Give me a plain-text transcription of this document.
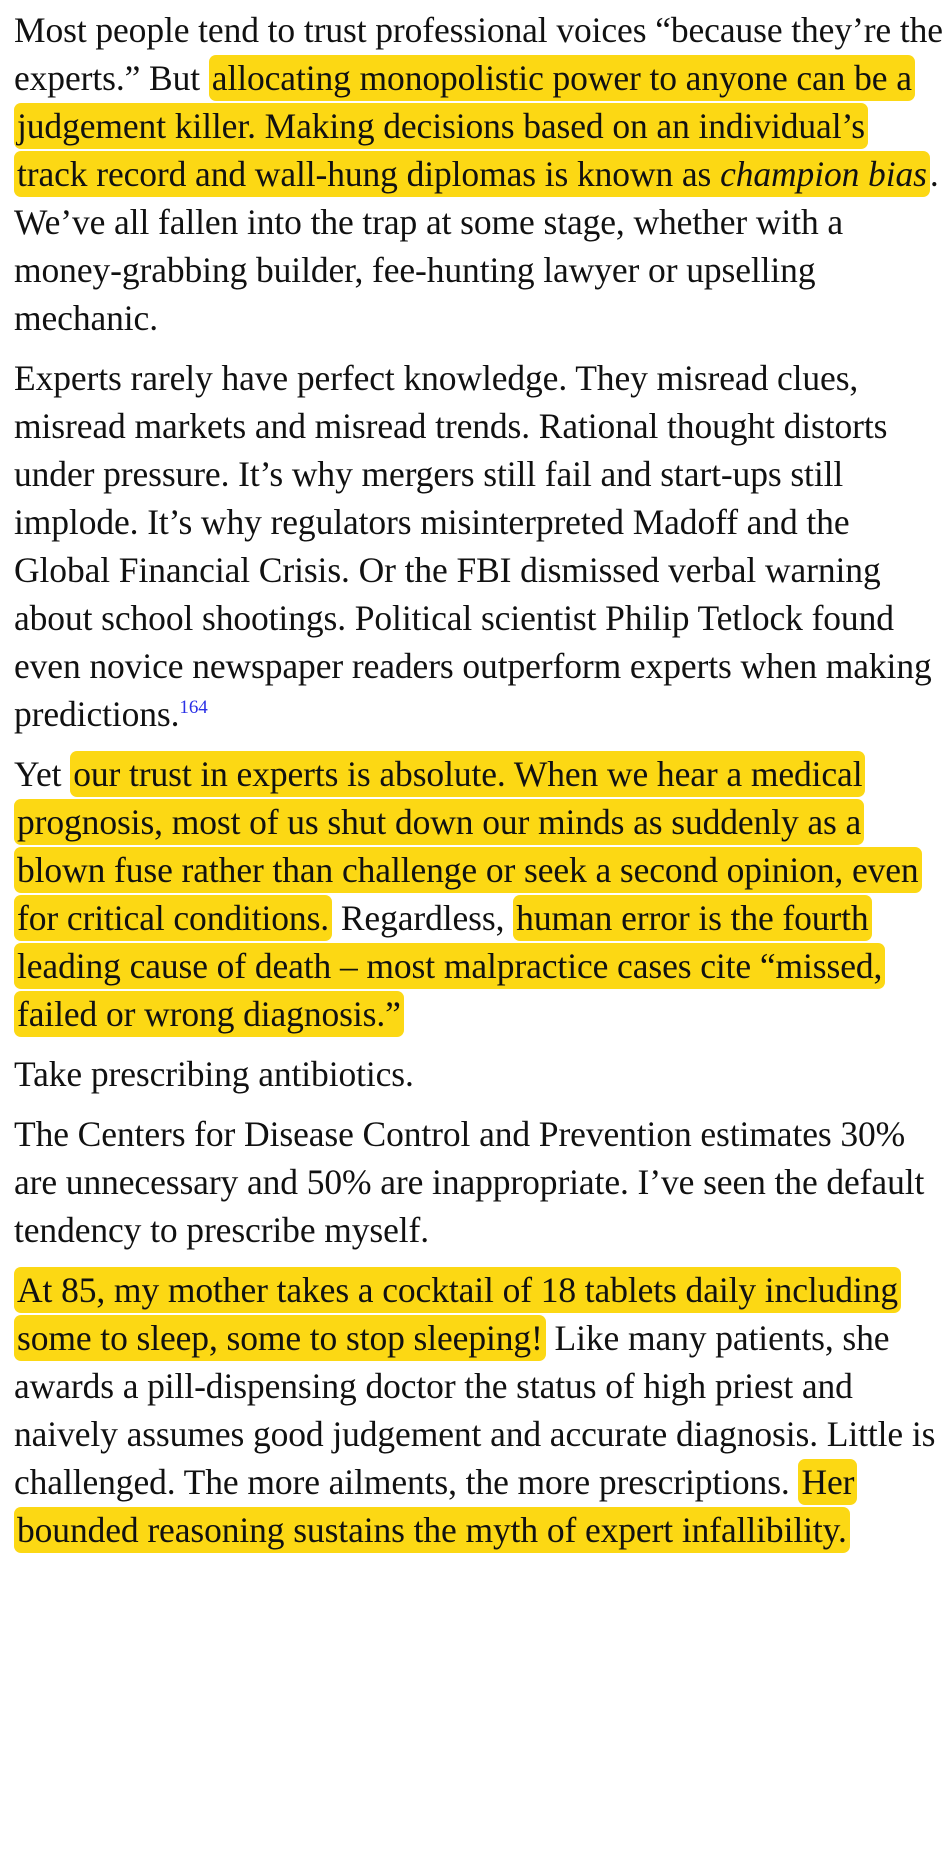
Most people tend to trust professional voices “because they’re the experts.” But allocating monopolistic power to anyone can be a judgement killer. Making decisions based on an individual’s track record and wall-hung diplomas is known as champion bias. We’ve all fallen into the trap at some stage, whether with a money-grabbing builder, fee-hunting lawyer or upselling mechanic.

Experts rarely have perfect knowledge. They misread clues, misread markets and misread trends. Rational thought distorts under pressure. It’s why mergers still fail and start-ups still implode. It’s why regulators misinterpreted Madoff and the Global Financial Crisis. Or the FBI dismissed verbal warning about school shootings. Political scientist Philip Tetlock found even novice newspaper readers outperform experts when making predictions.$^{164}$

Yet our trust in experts is absolute. When we hear a medical prognosis, most of us shut down our minds as suddenly as a blown fuse rather than challenge or seek a second opinion, even for critical conditions. Regardless, human error is the fourth leading cause of death – most malpractice cases cite “missed, failed or wrong diagnosis.”

Take prescribing antibiotics.

The Centers for Disease Control and Prevention estimates 30% are unnecessary and 50% are inappropriate. I’ve seen the default tendency to prescribe myself.

At 85, my mother takes a cocktail of 18 tablets daily including some to sleep, some to stop sleeping! Like many patients, she awards a pill-dispensing doctor the status of high priest and naively assumes good judgement and accurate diagnosis. Little is challenged. The more ailments, the more prescriptions. Her bounded reasoning sustains the myth of expert infallibility.
